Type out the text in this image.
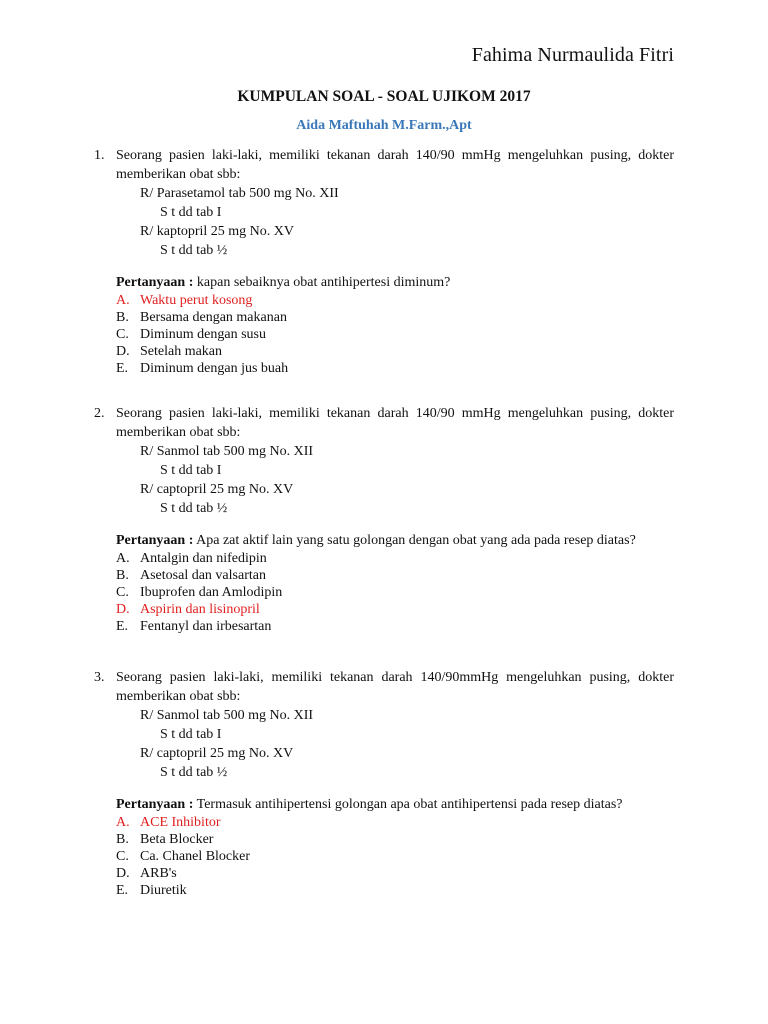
Fahima Nurmaulida Fitri
KUMPULAN SOAL - SOAL UJIKOM 2017
Aida Maftuhah M.Farm.,Apt
1. Seorang pasien laki-laki, memiliki tekanan darah 140/90 mmHg mengeluhkan pusing, dokter memberikan obat sbb:
R/ Parasetamol tab 500 mg No. XII
S t dd tab I
R/ kaptopril 25 mg No. XV
S t dd tab ½
Pertanyaan : kapan sebaiknya obat antihipertesi diminum?
A. Waktu perut kosong
B. Bersama dengan makanan
C. Diminum dengan susu
D. Setelah makan
E. Diminum dengan jus buah
2. Seorang pasien laki-laki, memiliki tekanan darah 140/90 mmHg mengeluhkan pusing, dokter memberikan obat sbb:
R/ Sanmol tab 500 mg No. XII
S t dd tab I
R/ captopril 25 mg No. XV
S t dd tab ½
Pertanyaan : Apa zat aktif lain yang satu golongan dengan obat yang ada pada resep diatas?
A. Antalgin dan nifedipin
B. Asetosal dan valsartan
C. Ibuprofen dan Amlodipin
D. Aspirin dan lisinopril
E. Fentanyl dan irbesartan
3. Seorang pasien laki-laki, memiliki tekanan darah 140/90mmHg mengeluhkan pusing, dokter memberikan obat sbb:
R/ Sanmol tab 500 mg No. XII
S t dd tab I
R/ captopril 25 mg No. XV
S t dd tab ½
Pertanyaan : Termasuk antihipertensi golongan apa obat antihipertensi pada resep diatas?
A. ACE Inhibitor
B. Beta Blocker
C. Ca. Chanel Blocker
D. ARB's
E. Diuretik
